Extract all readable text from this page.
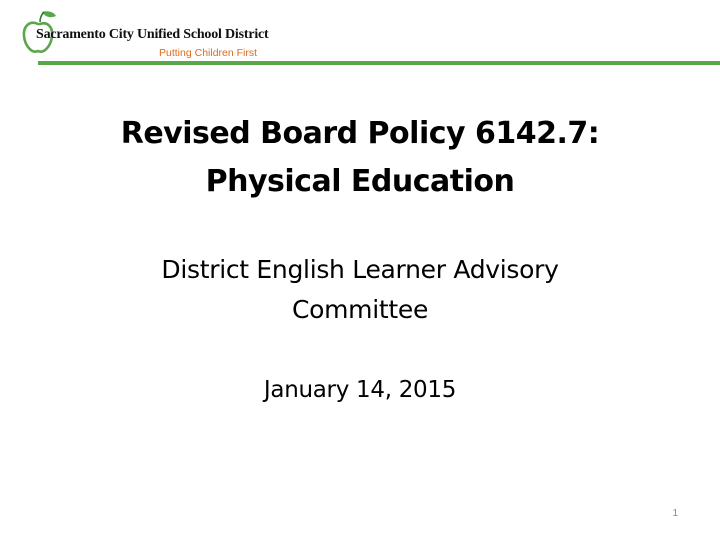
Sacramento City Unified School District
Putting Children First
Revised Board Policy 6142.7:
Physical Education
District English Learner Advisory
Committee
January 14, 2015
1
